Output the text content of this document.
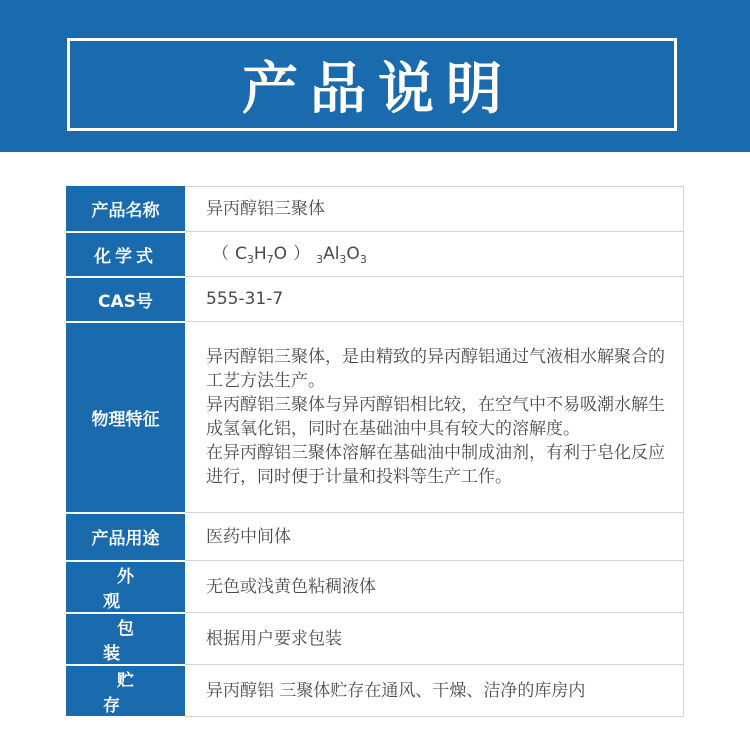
产品说明
产品名称	异丙醇铝三聚体
化学式	（ $C_3H_7O$ ） $_3Al_3O_3$
CAS号	555-31-7
物理特征	异丙醇铝三聚体，是由精致的异丙醇铝通过气液相水解聚合的工艺方法生产。
异丙醇铝三聚体与异丙醇铝相比较，在空气中不易吸潮水解生成氢氧化铝，同时在基础油中具有较大的溶解度。
在异丙醇铝三聚体溶解在基础油中制成油剂，有利于皂化反应进行，同时便于计量和投料等生产工作。

产品用途	医药中间体
外观	无色或浅黄色粘稠液体
包装	根据用户要求包装
贮存	异丙醇铝 三聚体贮存在通风、干燥、洁净的库房内
